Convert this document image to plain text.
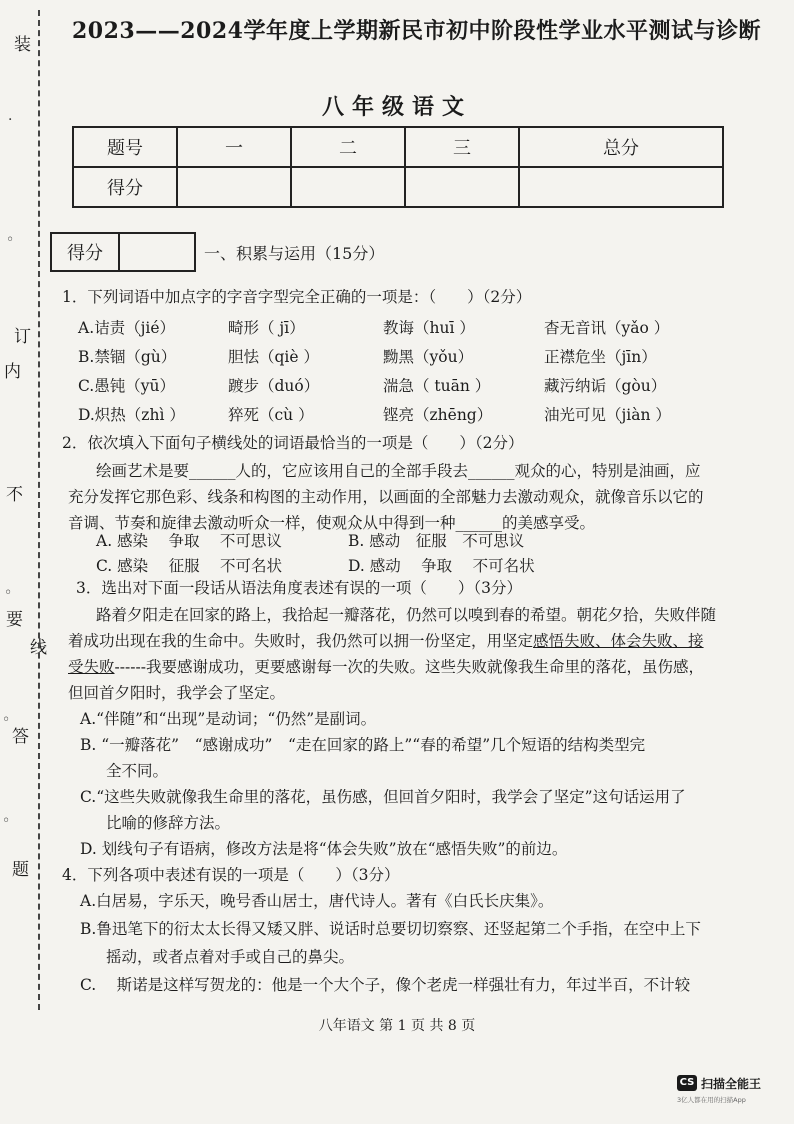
装
订
内
不
要
线
答
题
◦
·
◦
◦
◦
2023——2024学年度上学期新民市初中阶段性学业水平测试与诊断
八年级语文
题号	一	二	三	总分
得分				
得分	一、积累与运用（15分）
1．下列词语中加点字的字音字型完全正确的一项是：（　　）（2分）
A.诘责（jié）	畸形（ jī）	教诲（huī ）	杳无音讯（yǎo ）
B.禁锢（gù）	胆怯（qiè ）	黝黑（yǒu）	正襟危坐（jīn）
C.愚钝（yū）	踱步（duó）	湍急（ tuān ）	藏污纳诟（gòu）
D.炽热（zhì ）	猝死（cù ）	铿亮（zhēng）	油光可见（jiàn ）
2．依次填入下面句子横线处的词语最恰当的一项是（　　）（2分）
绘画艺术是要______人的，它应该用自己的全部手段去______观众的心，特别是油画，应
充分发挥它那色彩、线条和构图的主动作用，以画面的全部魅力去激动观众，就像音乐以它的
音调、节奏和旋律去激动听众一样，使观众从中得到一种______的美感享受。
A. 感染　 争取　 不可思议	B. 感动　征服　不可思议
C. 感染　 征服　 不可名状	D. 感动　 争取　 不可名状
3．选出对下面一段话从语法角度表述有误的一项（　　）（3分）
路着夕阳走在回家的路上，我拾起一瓣落花，仍然可以嗅到春的希望。朝花夕拾，失败伴随
着成功出现在我的生命中。失败时，我仍然可以拥一份坚定，用坚定感悟失败、体会失败、接
受失败------我要感谢成功，更要感谢每一次的失败。这些失败就像我生命里的落花，虽伤感，
但回首夕阳时，我学会了坚定。
A.“伴随”和“出现”是动词；“仍然”是副词。
B. “一瓣落花”　“感谢成功”　“走在回家的路上”“春的希望”几个短语的结构类型完
全不同。
C.“这些失败就像我生命里的落花，虽伤感，但回首夕阳时，我学会了坚定”这句话运用了
比喻的修辞方法。
D. 划线句子有语病，修改方法是将“体会失败”放在“感悟失败”的前边。
4．下列各项中表述有误的一项是（　　）（3分）
A.白居易，字乐天，晚号香山居士，唐代诗人。著有《白氏长庆集》。
B.鲁迅笔下的衍太太长得又矮又胖、说话时总要切切察察、还竖起第二个手指，在空中上下
摇动，或者点着对手或自己的鼻尖。
C.　 斯诺是这样写贺龙的：他是一个大个子，像个老虎一样强壮有力，年过半百，不计较
八年语文 第 1 页 共 8 页
CS 扫描全能王
3亿人都在用的扫描App
